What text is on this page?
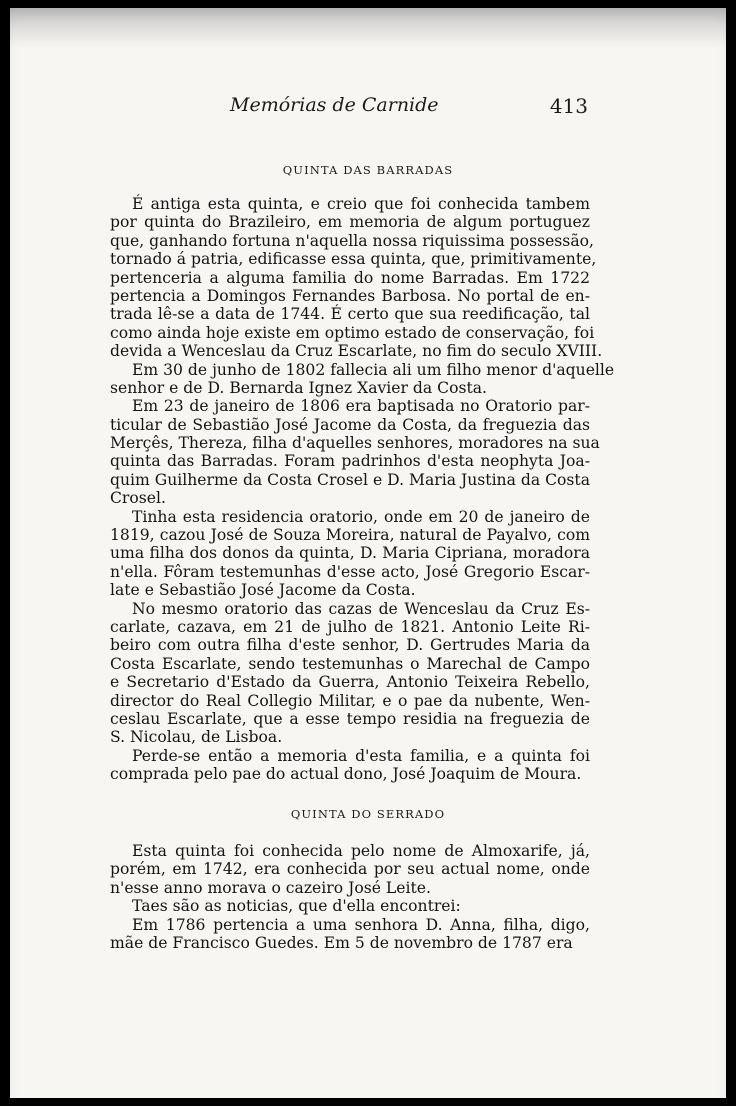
Memórias de Carnide	413
QUINTA DAS BARRADAS
É antiga esta quinta, e creio que foi conhecida tambem
por quinta do Brazileiro, em memoria de algum portuguez
que, ganhando fortuna n'aquella nossa riquissima possessão,
tornado á patria, edificasse essa quinta, que, primitivamente,
pertenceria a alguma familia do nome Barradas. Em 1722
pertencia a Domingos Fernandes Barbosa. No portal de en-
trada lê-se a data de 1744. É certo que sua reedificação, tal
como ainda hoje existe em optimo estado de conservação, foi
devida a Wenceslau da Cruz Escarlate, no fim do seculo XVIII.
Em 30 de junho de 1802 fallecia ali um filho menor d'aquelle
senhor e de D. Bernarda Ignez Xavier da Costa.
Em 23 de janeiro de 1806 era baptisada no Oratorio par-
ticular de Sebastião José Jacome da Costa, da freguezia das
Merçês, Thereza, filha d'aquelles senhores, moradores na sua
quinta das Barradas. Foram padrinhos d'esta neophyta Joa-
quim Guilherme da Costa Crosel e D. Maria Justina da Costa
Crosel.
Tinha esta residencia oratorio, onde em 20 de janeiro de
1819, cazou José de Souza Moreira, natural de Payalvo, com
uma filha dos donos da quinta, D. Maria Cipriana, moradora
n'ella. Fôram testemunhas d'esse acto, José Gregorio Escar-
late e Sebastião José Jacome da Costa.
No mesmo oratorio das cazas de Wenceslau da Cruz Es-
carlate, cazava, em 21 de julho de 1821. Antonio Leite Ri-
beiro com outra filha d'este senhor, D. Gertrudes Maria da
Costa Escarlate, sendo testemunhas o Marechal de Campo
e Secretario d'Estado da Guerra, Antonio Teixeira Rebello,
director do Real Collegio Militar, e o pae da nubente, Wen-
ceslau Escarlate, que a esse tempo residia na freguezia de
S. Nicolau, de Lisboa.
Perde-se então a memoria d'esta familia, e a quinta foi
comprada pelo pae do actual dono, José Joaquim de Moura.
QUINTA DO SERRADO
Esta quinta foi conhecida pelo nome de Almoxarife, já,
porém, em 1742, era conhecida por seu actual nome, onde
n'esse anno morava o cazeiro José Leite.
Taes são as noticias, que d'ella encontrei:
Em 1786 pertencia a uma senhora D. Anna, filha, digo,
mãe de Francisco Guedes. Em 5 de novembro de 1787 era
